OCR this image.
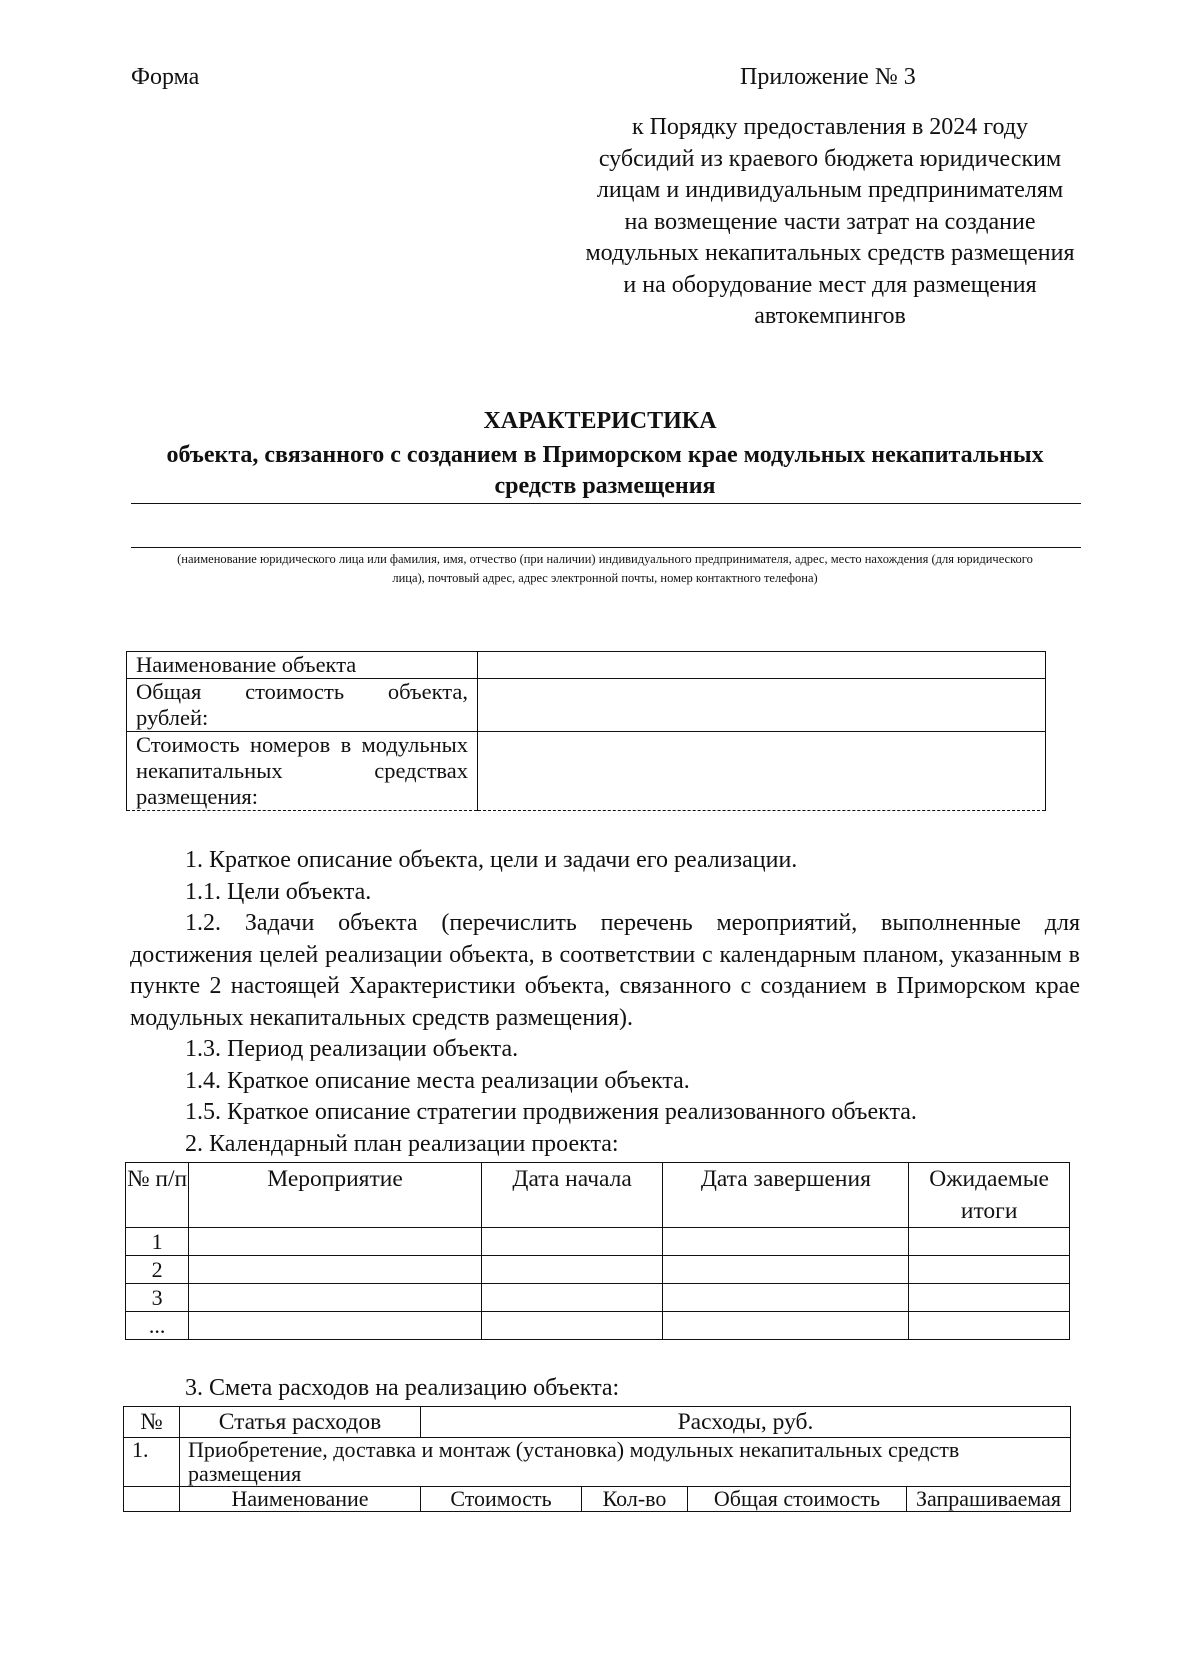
Форма	Приложение № 3
к Порядку предоставления в 2024 году субсидий из краевого бюджета юридическим лицам и индивидуальным предпринимателям на возмещение части затрат на создание модульных некапитальных средств размещения и на оборудование мест для размещения автокемпингов
ХАРАКТЕРИСТИКА
объекта, связанного с созданием в Приморском крае модульных некапитальных средств размещения
(наименование юридического лица или фамилия, имя, отчество (при наличии) индивидуального предпринимателя, адрес, место нахождения (для юридического лица), почтовый адрес, адрес электронной почты, номер контактного телефона)
Наименование объекта	
Общая стоимость объекта, рублей:	
Стоимость номеров в модульных некапитальных средствах размещения:	

1. Краткое описание объекта, цели и задачи его реализации.

1.1. Цели объекта.

1.2. Задачи объекта (перечислить перечень мероприятий, выполненные для достижения целей реализации объекта, в соответствии с календарным планом, указанным в пункте 2 настоящей Характеристики объекта, связанного с созданием в Приморском крае модульных некапитальных средств размещения).

1.3. Период реализации объекта.

1.4. Краткое описание места реализации объекта.

1.5. Краткое описание стратегии продвижения реализованного объекта.

2. Календарный план реализации проекта:

№ п/п	Мероприятие	Дата начала	Дата завершения	Ожидаемые итоги
1				
2				
3				
...				
3. Смета расходов на реализацию объекта:
№	Статья расходов	Расходы, руб.			
1.	Приобретение, доставка и монтаж (установка) модульных некапитальных средств размещения				
	Наименование	Стоимость	Кол-во	Общая стоимость	Запрашиваемая
